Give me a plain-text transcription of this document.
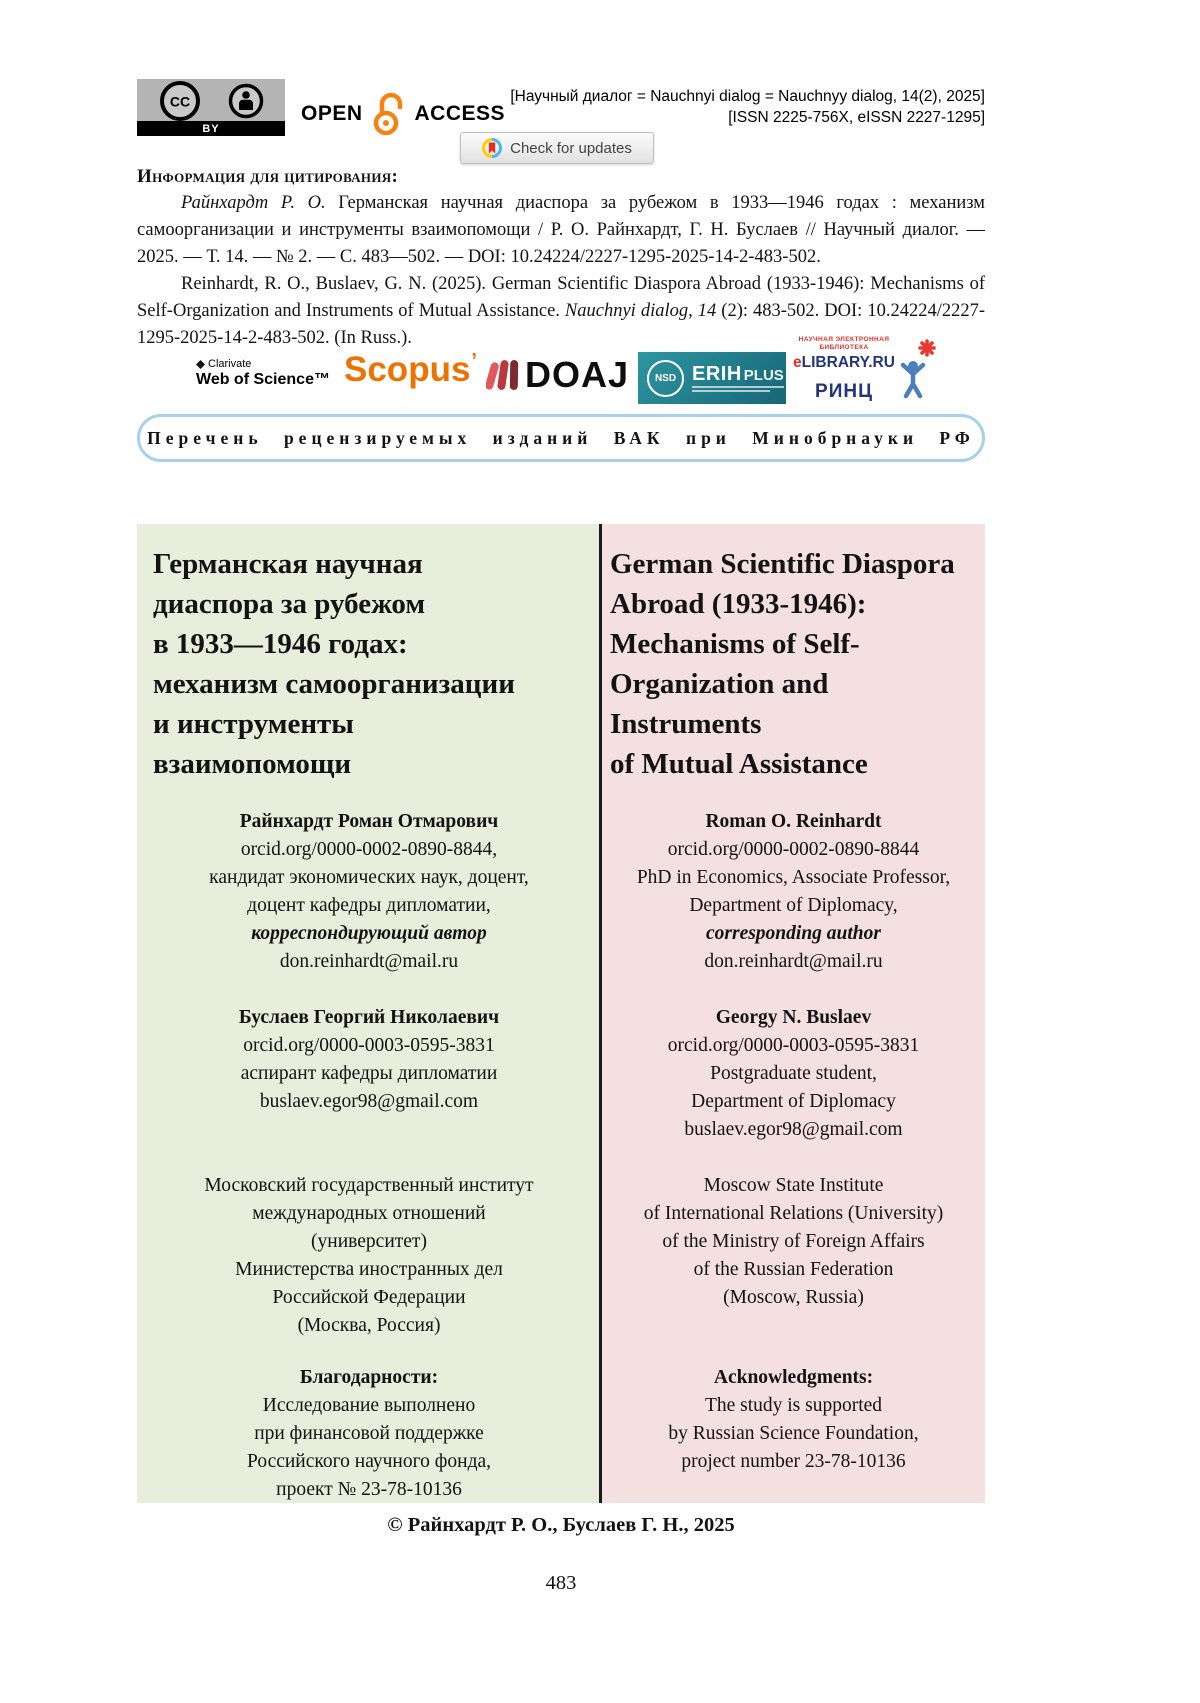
CC
BY
OPEN ACCESS
[Научный диалог = Nauchnyi dialog = Nauchnyy dialog, 14(2), 2025]
[ISSN 2225-756X, eISSN 2227-1295]
Check for updates
Информация для цитирования:

Райнхардт Р. О. Германская научная диаспора за рубежом в 1933—1946 годах : механизм самоорганизации и инструменты взаимопомощи / Р. О. Райнхардт, Г. Н. Буслаев // Научный диалог. — 2025. — Т. 14. — № 2. — С. 483—502. — DOI: 10.24224/2227-1295-2025-14-2-483-502.

Reinhardt, R. O., Buslaev, G. N. (2025). German Scientific Diaspora Abroad (1933-1946): Mechanisms of Self-Organization and Instruments of Mutual Assistance. Nauchnyi dialog, 14 (2): 483-502. DOI: 10.24224/2227-1295-2025-14-2-483-502. (In Russ.).

Clarivate
Web of Science™ Scopus’ DOAJ	NSD ERIH PLUS
НАУЧНАЯ ЭЛЕКТРОННАЯ
БИБЛИОТЕКА
eLIBRARY.RU
РИНЦ
Перечень рецензируемых изданий ВАК при Минобрнауки РФ
Германская научная
диаспора за рубежом
в 1933—1946 годах:
механизм самоорганизации
и инструменты
взаимопомощи
Райнхардт Роман Отмарович
orcid.org/0000-0002-0890-8844,
кандидат экономических наук, доцент,
доцент кафедры дипломатии,
корреспондирующий автор
don.reinhardt@mail.ru
Буслаев Георгий Николаевич
orcid.org/0000-0003-0595-3831
аспирант кафедры дипломатии
buslaev.egor98@gmail.com
Московский государственный институт
международных отношений
(университет)
Министерства иностранных дел
Российской Федерации
(Москва, Россия)
Благодарности:
Исследование выполнено
при финансовой поддержке
Российского научного фонда,
проект № 23-78-10136
German Scientific Diaspora
Abroad (1933-1946):
Mechanisms of Self-
Organization and
Instruments
of Mutual Assistance
Roman O. Reinhardt
orcid.org/0000-0002-0890-8844
PhD in Economics, Associate Professor,
Department of Diplomacy,
corresponding author
don.reinhardt@mail.ru
Georgy N. Buslaev
orcid.org/0000-0003-0595-3831
Postgraduate student,
Department of Diplomacy
buslaev.egor98@gmail.com
Moscow State Institute
of International Relations (University)
of the Ministry of Foreign Affairs
of the Russian Federation
(Moscow, Russia)
Acknowledgments:
The study is supported
by Russian Science Foundation,
project number 23-78-10136
© Райнхардт Р. О., Буслаев Г. Н., 2025
483
